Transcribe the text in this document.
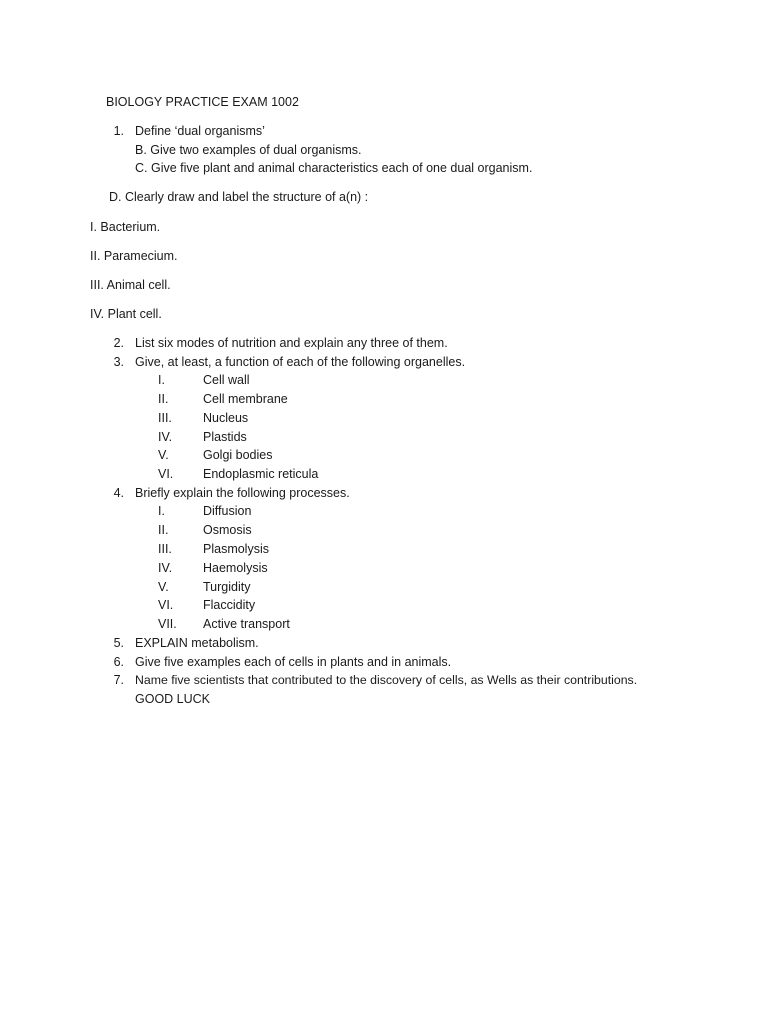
BIOLOGY PRACTICE EXAM 1002
1. Define ‘dual organisms’
B. Give two examples of dual organisms.
C. Give five plant and animal characteristics each of one dual organism.
D. Clearly draw and label the structure of a(n) :
I. Bacterium.
II. Paramecium.
III. Animal cell.
IV. Plant cell.
2. List six modes of nutrition and explain any three of them.
3. Give, at least, a function of each of the following organelles.
I.	Cell wall
II.	Cell membrane
III. Nucleus
IV. Plastids
V.	Golgi bodies
VI. Endoplasmic reticula
4. Briefly explain the following processes.
I.	Diffusion
II.	Osmosis
III. Plasmolysis
IV. Haemolysis
V.	Turgidity
VI. Flaccidity
VII. Active transport
5. EXPLAIN metabolism.
6. Give five examples each of cells in plants and in animals.
7. Name five scientists that contributed to the discovery of cells, as Wells as their contributions.
GOOD LUCK
